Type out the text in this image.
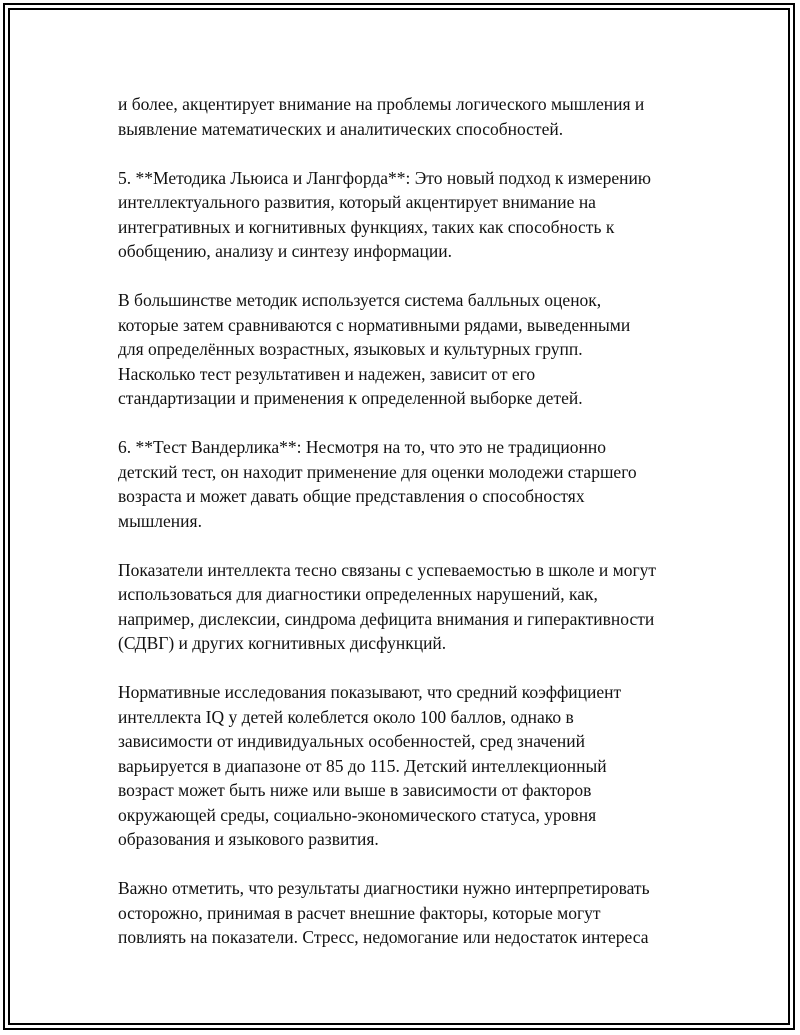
и более, акцентирует внимание на проблемы логического мышления и
выявление математических и аналитических способностей.

5. **Методика Льюиса и Лангфорда**: Это новый подход к измерению
интеллектуального развития, который акцентирует внимание на
интегративных и когнитивных функциях, таких как способность к
обобщению, анализу и синтезу информации.

В большинстве методик используется система балльных оценок,
которые затем сравниваются с нормативными рядами, выведенными
для определённых возрастных, языковых и культурных групп.
Насколько тест результативен и надежен, зависит от его
стандартизации и применения к определенной выборке детей.

6. **Тест Вандерлика**: Несмотря на то, что это не традиционно
детский тест, он находит применение для оценки молодежи старшего
возраста и может давать общие представления о способностях
мышления.

Показатели интеллекта тесно связаны с успеваемостью в школе и могут
использоваться для диагностики определенных нарушений, как,
например, дислексии, синдрома дефицита внимания и гиперактивности
(СДВГ) и других когнитивных дисфункций.

Нормативные исследования показывают, что средний коэффициент
интеллекта IQ у детей колеблется около 100 баллов, однако в
зависимости от индивидуальных особенностей, сред значений
варьируется в диапазоне от 85 до 115. Детский интеллекционный
возраст может быть ниже или выше в зависимости от факторов
окружающей среды, социально-экономического статуса, уровня
образования и языкового развития.

Важно отметить, что результаты диагностики нужно интерпретировать
осторожно, принимая в расчет внешние факторы, которые могут
повлиять на показатели. Стресс, недомогание или недостаток интереса
